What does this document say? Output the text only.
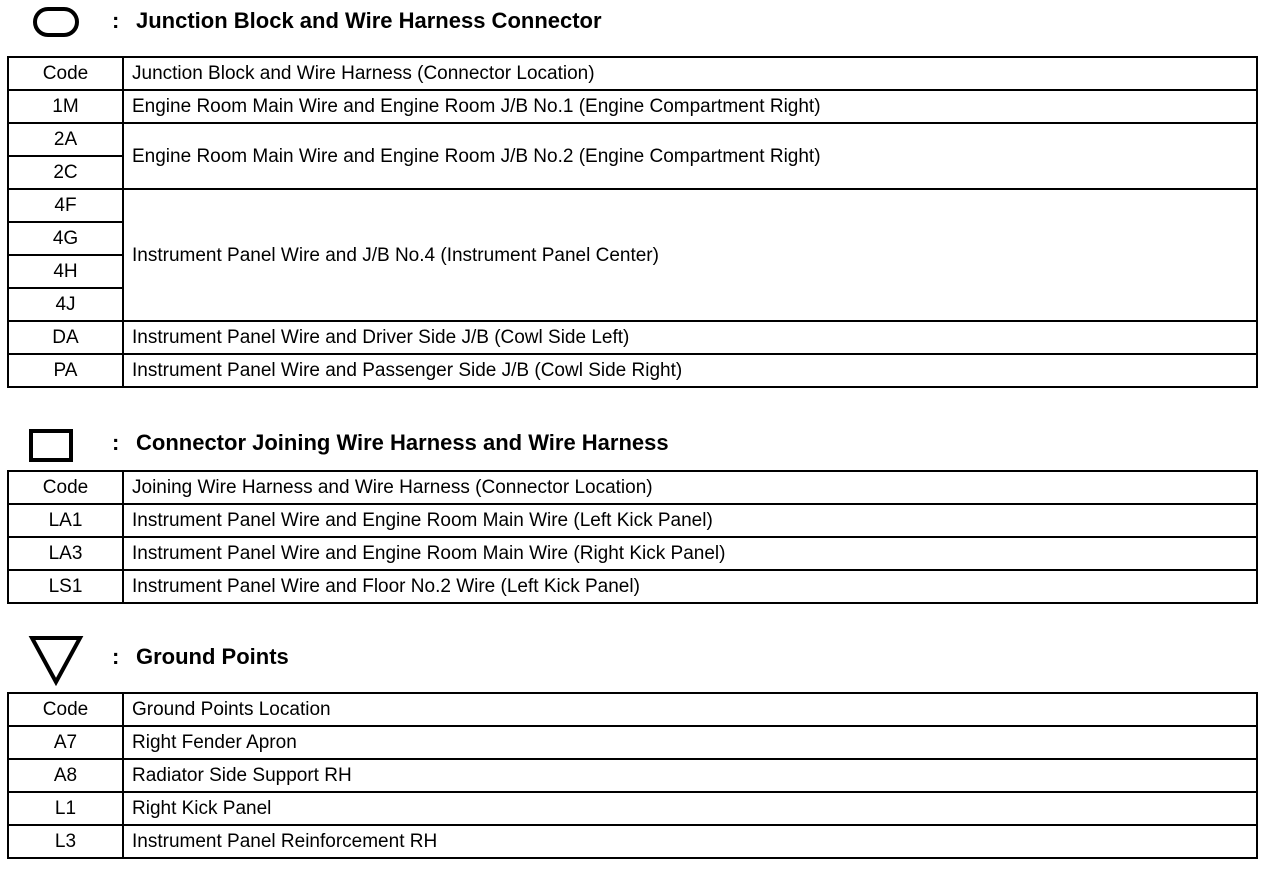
: Junction Block and Wire Harness Connector
Code	Junction Block and Wire Harness (Connector Location)
1M	Engine Room Main Wire and Engine Room J/B No.1 (Engine Compartment Right)
2A	Engine Room Main Wire and Engine Room J/B No.2 (Engine Compartment Right)
2C	
4F	Instrument Panel Wire and J/B No.4 (Instrument Panel Center)
4G	
4H	
4J	
DA	Instrument Panel Wire and Driver Side J/B (Cowl Side Left)
PA	Instrument Panel Wire and Passenger Side J/B (Cowl Side Right)
: Connector Joining Wire Harness and Wire Harness
Code	Joining Wire Harness and Wire Harness (Connector Location)
LA1	Instrument Panel Wire and Engine Room Main Wire (Left Kick Panel)
LA3	Instrument Panel Wire and Engine Room Main Wire (Right Kick Panel)
LS1	Instrument Panel Wire and Floor No.2 Wire (Left Kick Panel)
: Ground Points
Code	Ground Points Location
A7	Right Fender Apron
A8	Radiator Side Support RH
L1	Right Kick Panel
L3	Instrument Panel Reinforcement RH
